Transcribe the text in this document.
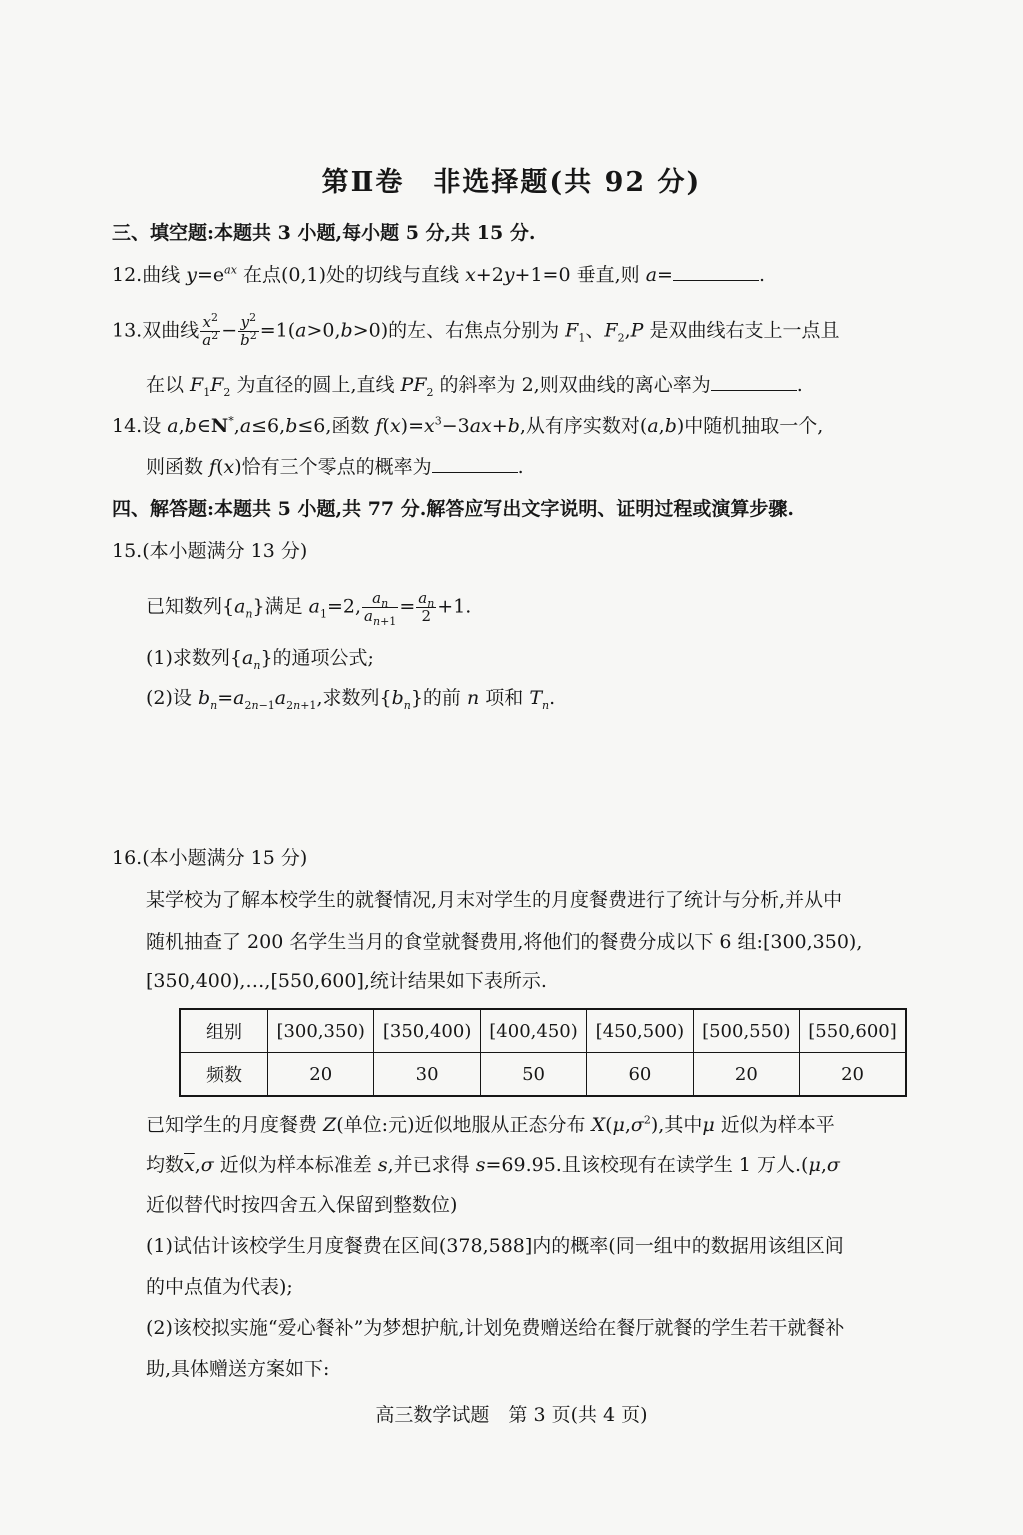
第Ⅱ卷　非选择题(共 92 分)
三、填空题:本题共 3 小题,每小题 5 分,共 15 分.
12.曲线 $y=e^{ax}$ 在点(0,1)处的切线与直线 x+2y+1=0 垂直,则 a=	.
13.双曲线 $\frac{x^2}{a^2} - \frac{y^2}{b^2} =1(a>0,b>0)$的左、右焦点分别为 $F_1$、$F_2,P$ 是双曲线右支上一点且
在以 $F_1F_2$ 为直径的圆上,直线 $PF_2$ 的斜率为 2,则双曲线的离心率为	.
14.设 a,b∈N*,a≤6,b≤6,函数 $f(x)=x^3-3ax+b$,从有序实数对(a,b)中随机抽取一个,
则函数 f(x)恰有三个零点的概率为	.
四、解答题:本题共 5 小题,共 77 分.解答应写出文字说明、证明过程或演算步骤.
15.(本小题满分 13 分)
已知数列$\{a_n\}$满足 $a_1=2$, $\frac{a_n}{a_{n+1}} = \frac{a_n}{2} +1$.
(1)求数列$\{a_n\}$的通项公式;
(2)设 $b_n=a_{2n-1}a_{2n+1}$,求数列$\{b_n\}$的前 n 项和 $T_n$.
16.(本小题满分 15 分)
某学校为了解本校学生的就餐情况,月末对学生的月度餐费进行了统计与分析,并从中
随机抽查了 200 名学生当月的食堂就餐费用,将他们的餐费分成以下 6 组:[300,350),
[350,400),…,[550,600],统计结果如下表所示.
组别	[300,350)	[350,400)	[400,450)	[450,500)	[500,550)	[550,600]
频数	20	30	50	60	20	20
已知学生的月度餐费 Z(单位:元)近似地服从正态分布 $X(\mu,\sigma^2)$,其中μ 近似为样本平
均数$\overline{x},\sigma$ 近似为样本标准差 s,并已求得 s=69.95.且该校现有在读学生 1 万人.(μ,σ
近似替代时按四舍五入保留到整数位)
(1)试估计该校学生月度餐费在区间(378,588]内的概率(同一组中的数据用该组区间
的中点值为代表);
(2)该校拟实施“爱心餐补”为梦想护航,计划免费赠送给在餐厅就餐的学生若干就餐补
助,具体赠送方案如下:
高三数学试题　第 3 页(共 4 页)
